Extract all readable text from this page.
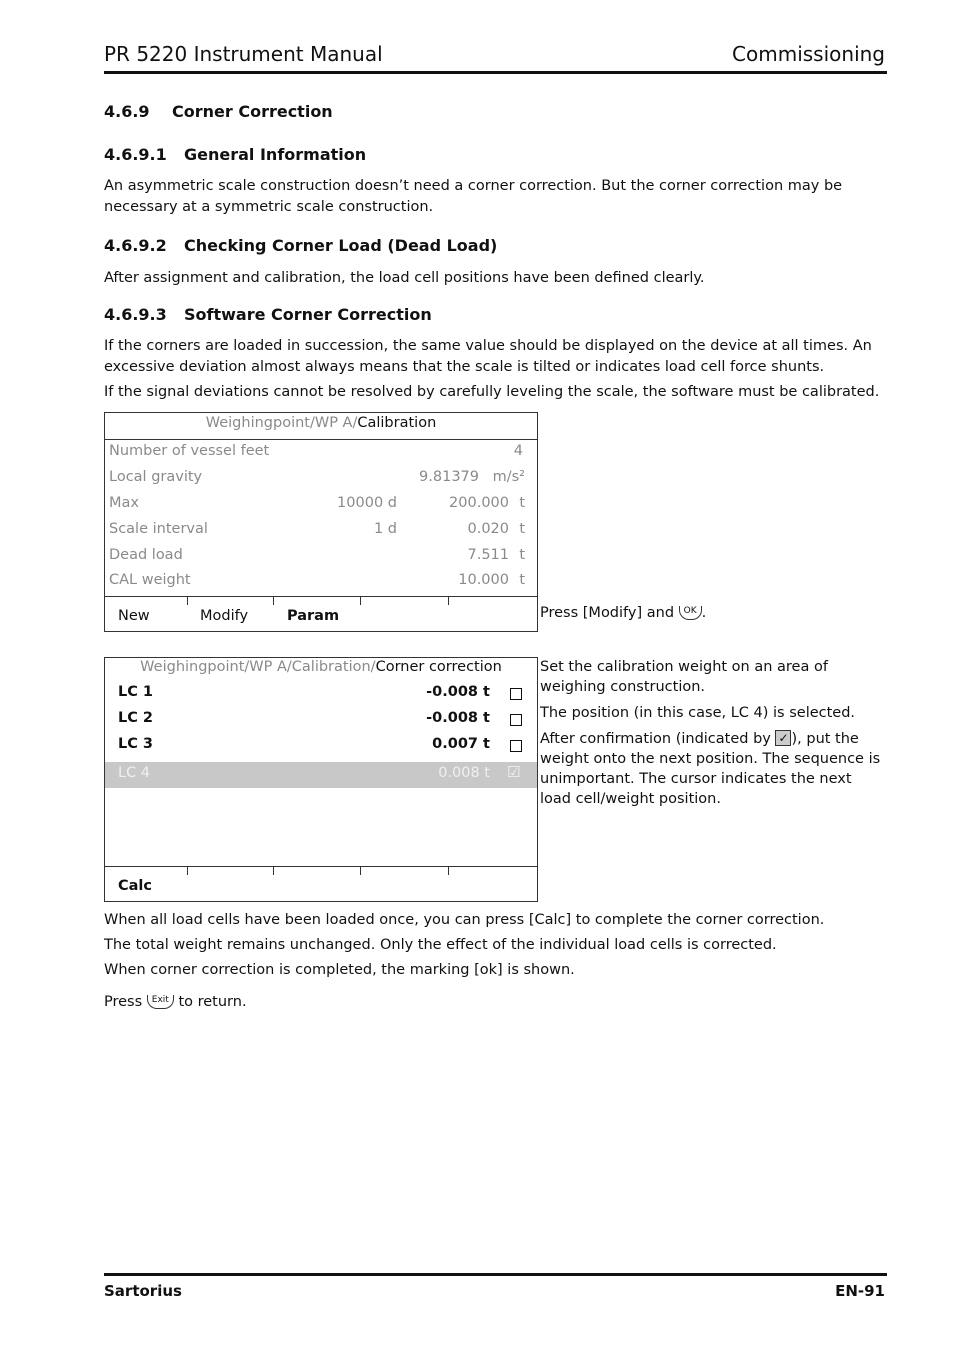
PR 5220 Instrument Manual	Commissioning
4.6.9 Corner Correction
4.6.9.1 General Information
An asymmetric scale construction doesn’t need a corner correction. But the corner correction may be necessary at a symmetric scale construction.
4.6.9.2 Checking Corner Load (Dead Load)
After assignment and calibration, the load cell positions have been defined clearly.
4.6.9.3 Software Corner Correction
If the corners are loaded in succession, the same value should be displayed on the device at all times. An excessive deviation almost always means that the scale is tilted or indicates load cell force shunts.
If the signal deviations cannot be resolved by carefully leveling the scale, the software must be calibrated.
Weighingpoint/WP A/Calibration
Number of vessel feet	4
Local gravity	9.81379 m/s²
Max	10000 d	200.000 t
Scale interval	1 d	0.020 t
Dead load	7.511 t
CAL weight	10.000 t
New	Modify	Param	Press [Modify] and OK .
Weighingpoint/WP A/Calibration/Corner correction
LC 1	-0.008 t
LC 2	-0.008 t
LC 3	0.007 t
LC 4	0.008 t ☑
Calc
Set the calibration weight on an area of weighing construction.
The position (in this case, LC 4) is selected.
After confirmation (indicated by ✓ ), put the weight onto the next position. The sequence is unimportant. The cursor indicates the next load cell/weight position.
When all load cells have been loaded once, you can press [Calc] to complete the corner correction.
The total weight remains unchanged. Only the effect of the individual load cells is corrected.
When corner correction is completed, the marking [ok] is shown.
Press Exit to return.
Sartorius	EN-91
